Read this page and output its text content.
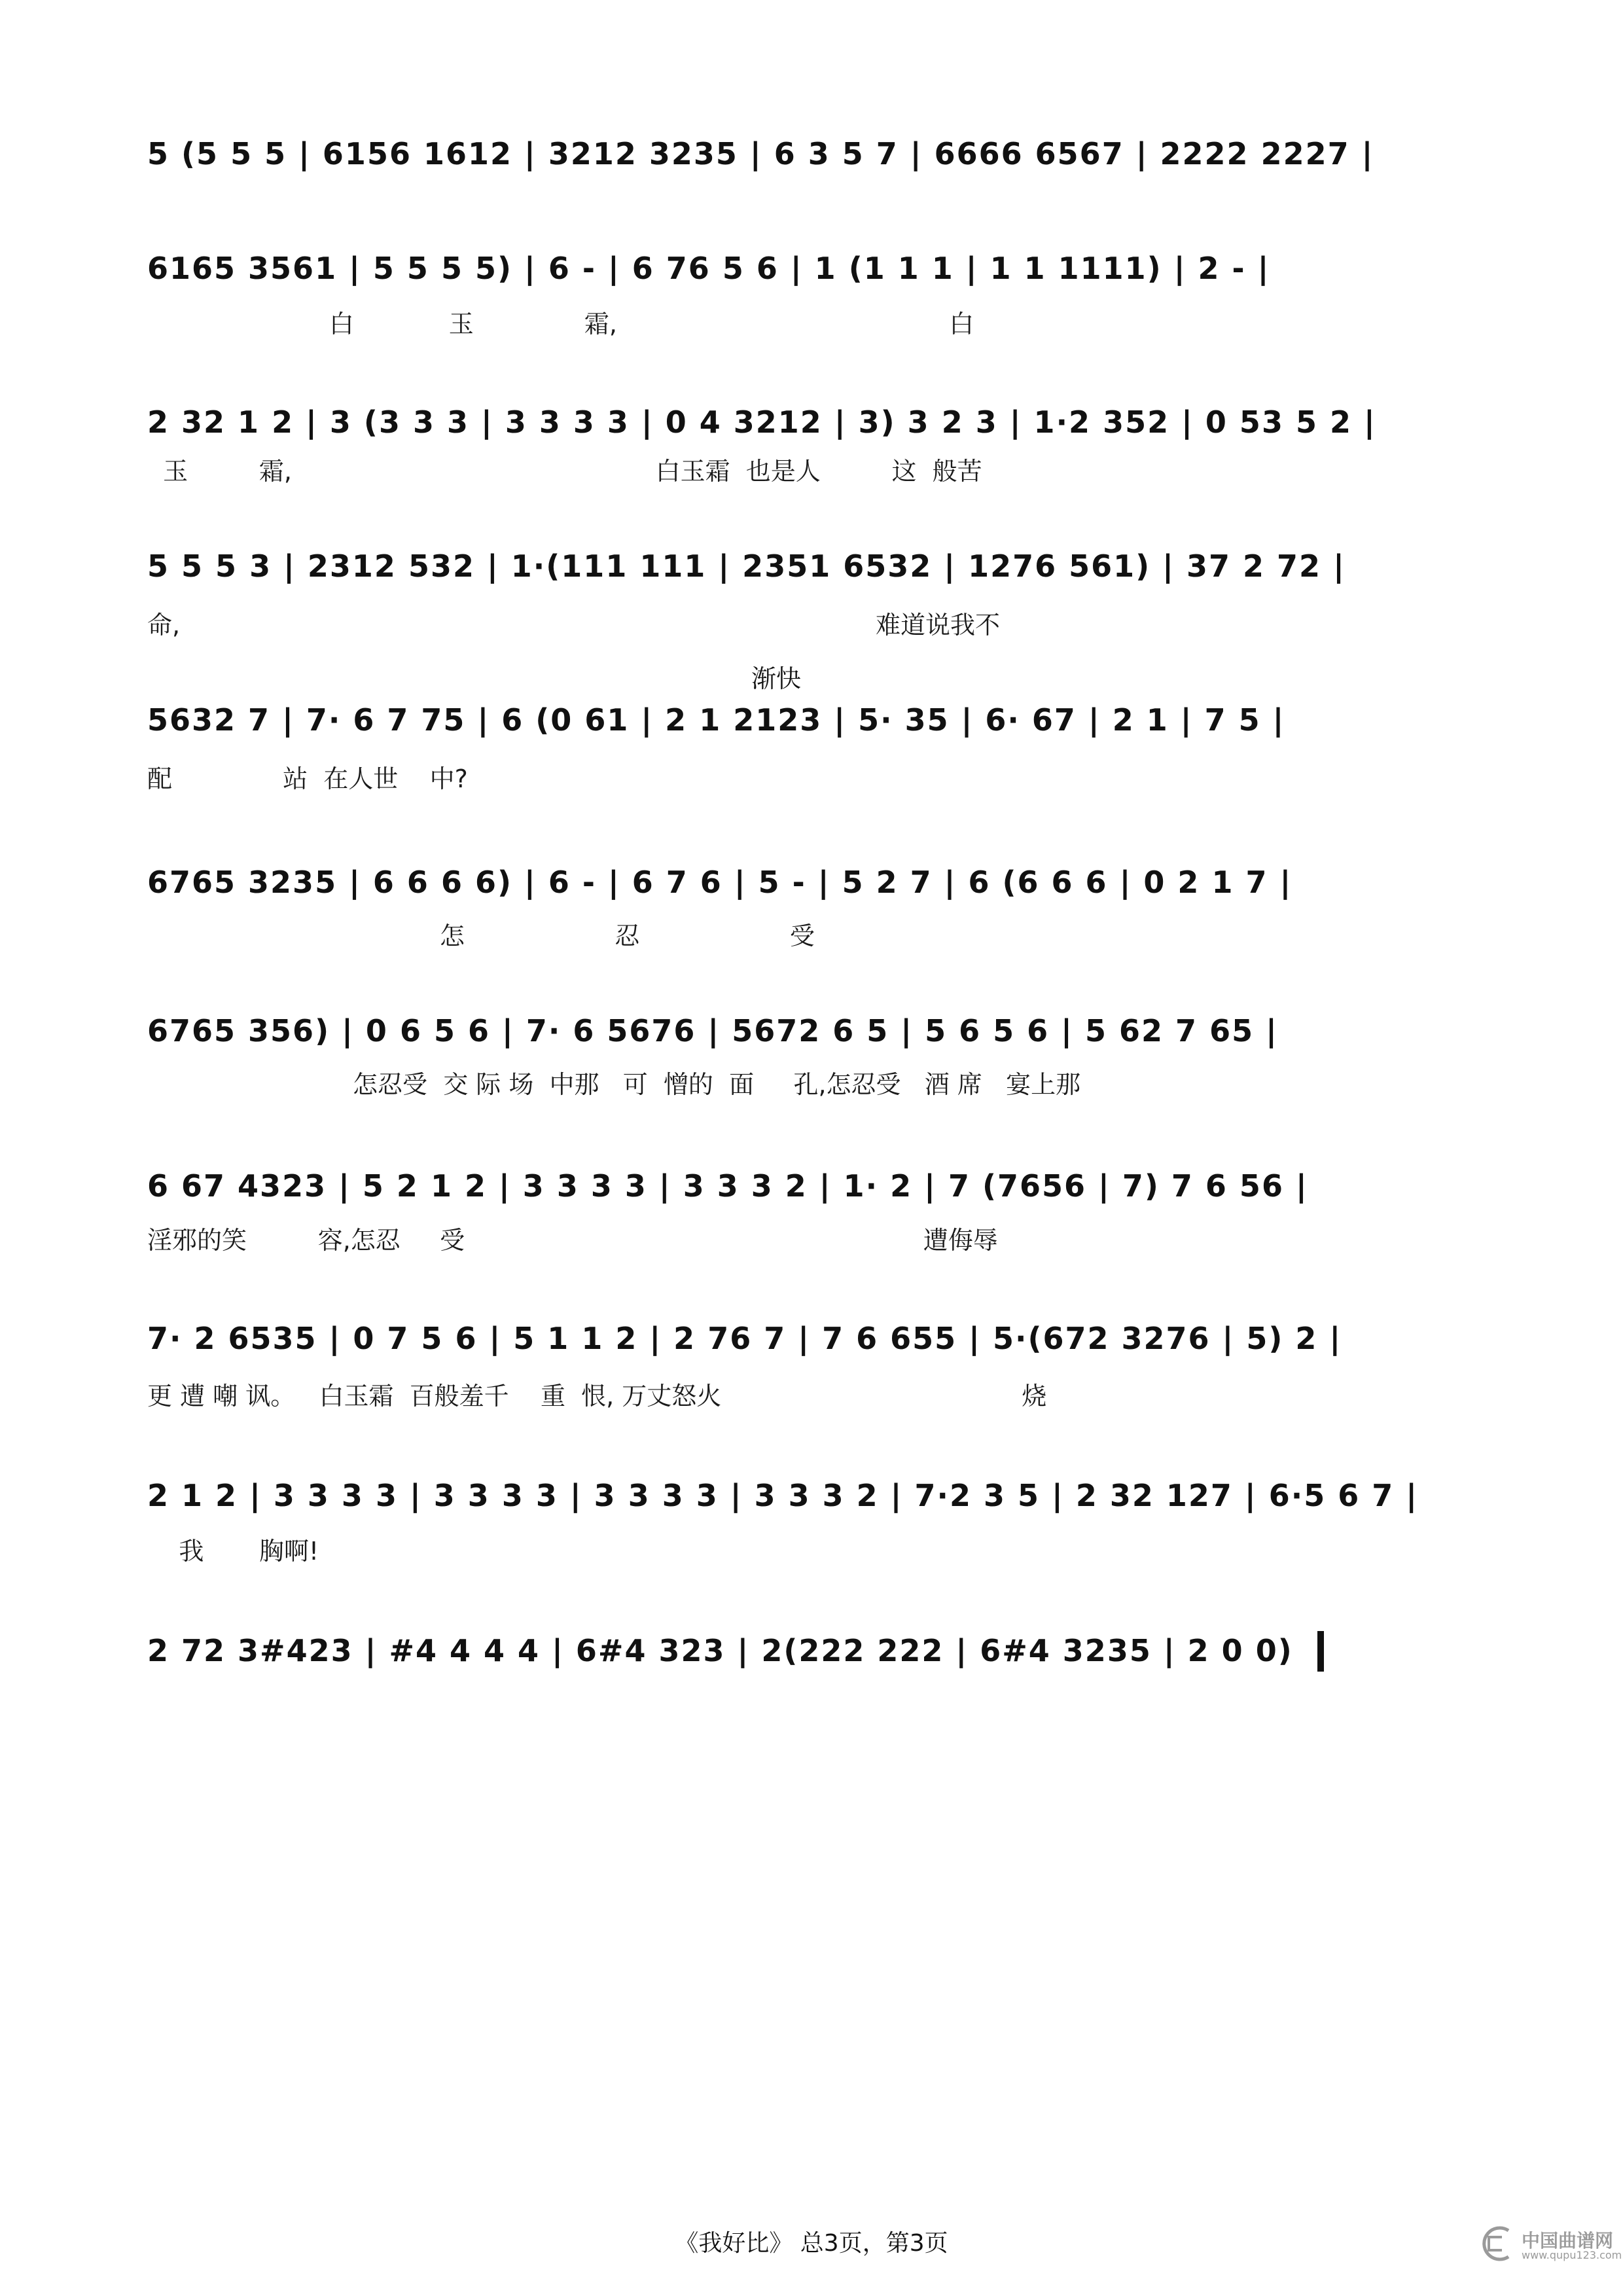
5 (5 5 5 | 6156 1612 | 3212 3235 | 6 3 5 7 | 6666 6567 | 2222 2227 |
6165 3561 | 5 5 5 5) | 6 - | 6 76 5 6 | 1 (1 1 1 | 1 1 1111) | 2 - |
白            玉              霜,                                          白
2 32 1 2 | 3 (3 3 3 | 3 3 3 3 | 0 4 3212 | 3) 3 2 3 | 1·2 352 | 0 53 5 2 |
玉         霜,                                              白玉霜  也是人         这  般苦
5 5 5 3 | 2312 532 | 1·(111 111 | 2351 6532 | 1276 561) | 37 2 72 |
命,                                                                                        难道说我不
渐快
5632 7 | 7· 6 7 75 | 6 (0 61 | 2 1 2123 | 5· 35 | 6· 67 | 2 1 | 7 5 |
配              站  在人世    中?
6765 3235 | 6 6 6 6) | 6 - | 6 7 6 | 5 - | 5 2 7 | 6 (6 6 6 | 0 2 1 7 |
怎                   忍                   受
6765 356) | 0 6 5 6 | 7· 6 5676 | 5672 6 5 | 5 6 5 6 | 5 62 7 65 |
怎忍受  交 际 场  中那   可  憎的  面     孔,怎忍受   酒 席   宴上那
6 67 4323 | 5 2 1 2 | 3 3 3 3 | 3 3 3 2 | 1· 2 | 7 (7656 | 7) 7 6 56 |
淫邪的笑         容,怎忍     受                                                          遭侮辱
7· 2 6535 | 0 7 5 6 | 5 1 1 2 | 2 76 7 | 7 6 655 | 5·(672 3276 | 5) 2 |
更 遭 嘲 讽。   白玉霜  百般羞千    重  恨, 万丈怒火                                      烧
2 1 2 | 3 3 3 3 | 3 3 3 3 | 3 3 3 3 | 3 3 3 2 | 7·2 3 5 | 2 32 127 | 6·5 6 7 |
我       胸啊!
2 72 3#423 | #4 4 4 4 | 6#4 323 | 2(222 222 | 6#4 3235 | 2 0 0)
《我好比》 总3页，第3页	中国曲谱网
www.qupu123.com
